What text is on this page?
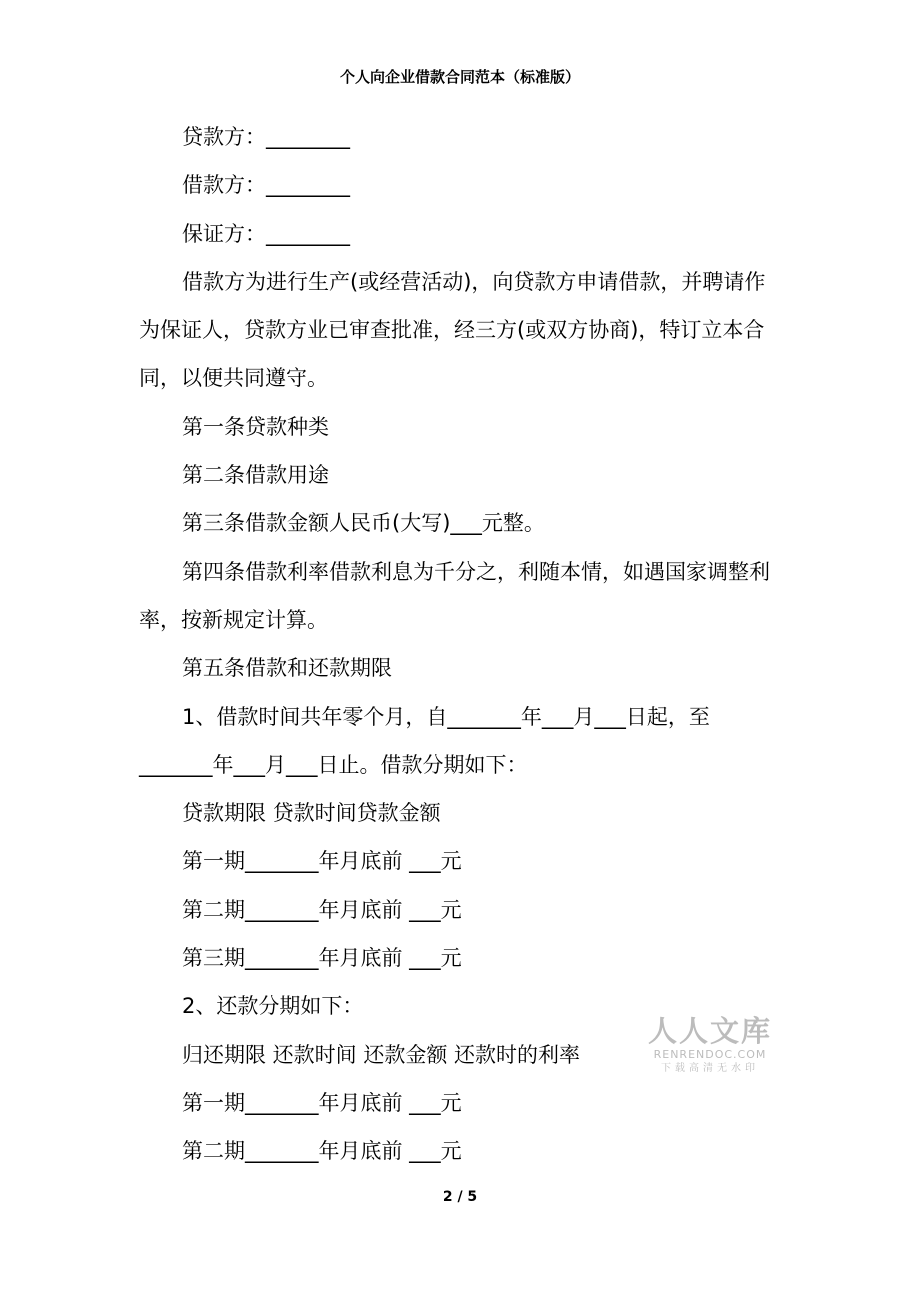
个人向企业借款合同范本（标准版）

贷款方：________

借款方：________

保证方：________

借款方为进行生产(或经营活动)，向贷款方申请借款，并聘请作为保证人，贷款方业已审查批准，经三方(或双方协商)，特订立本合同，以便共同遵守。

第一条贷款种类

第二条借款用途

第三条借款金额人民币(大写)___元整。

第四条借款利率借款利息为千分之，利随本情，如遇国家调整利率，按新规定计算。

第五条借款和还款期限

1、借款时间共年零个月，自_______年___月___日起，至_______年___月___日止。借款分期如下：

贷款期限 贷款时间贷款金额

第一期_______年月底前 ___元

第二期_______年月底前 ___元

第三期_______年月底前 ___元

2、还款分期如下：

归还期限 还款时间 还款金额 还款时的利率

第一期_______年月底前 ___元

第二期_______年月底前 ___元

人人文库
RENRENDOC.COM
下载高清无水印
2 / 5
